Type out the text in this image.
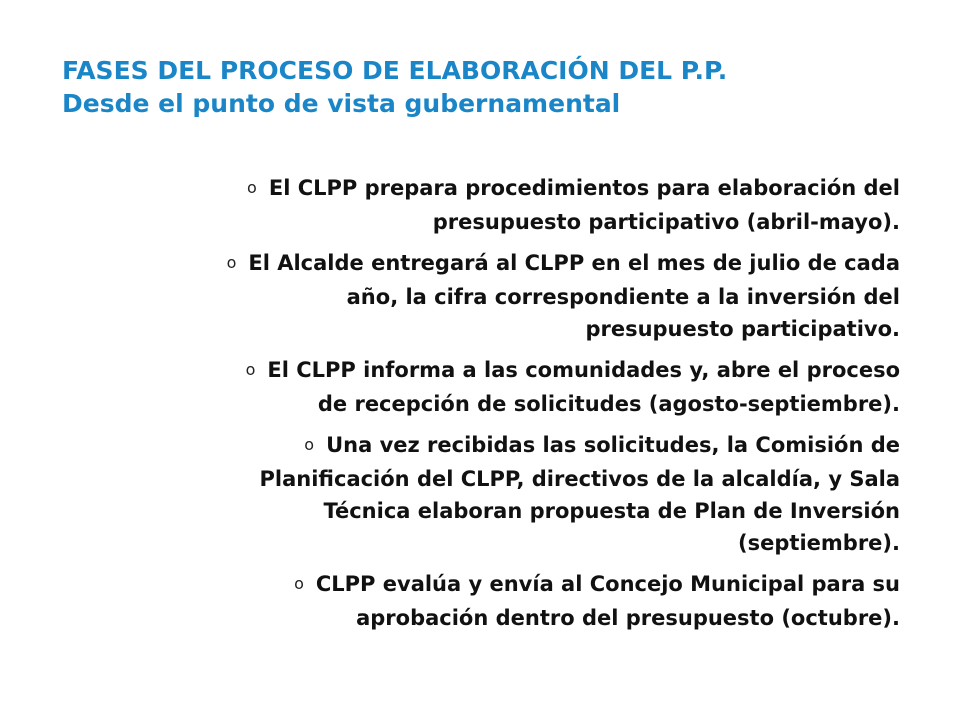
FASES DEL PROCESO DE ELABORACIÓN DEL P.P.
Desde el punto de vista gubernamental
o El CLPP prepara procedimientos para elaboración del
presupuesto participativo (abril-mayo).
o El Alcalde entregará al CLPP en el mes de julio de cada
año, la cifra correspondiente a la inversión del
presupuesto participativo.
o El CLPP informa a las comunidades y, abre el proceso
de recepción de solicitudes (agosto-septiembre).
o Una vez recibidas las solicitudes, la Comisión de
Planificación del CLPP, directivos de la alcaldía, y Sala
Técnica elaboran propuesta de Plan de Inversión
(septiembre).
o CLPP evalúa y envía al Concejo Municipal para su
aprobación dentro del presupuesto (octubre).
